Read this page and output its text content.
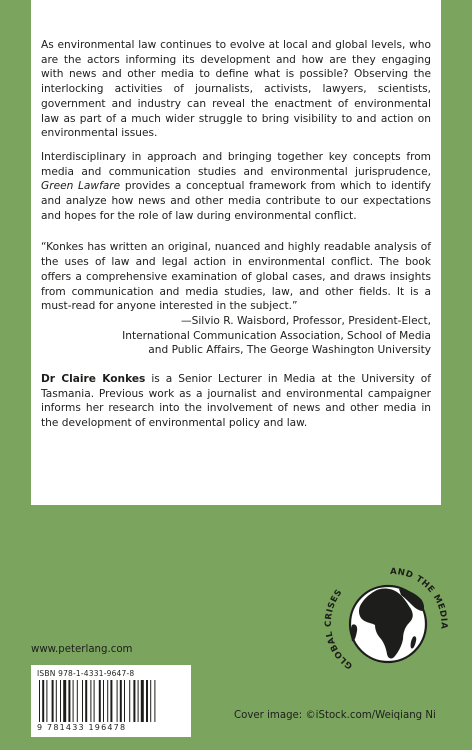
As environmental law continues to evolve at local and global levels, who are the actors informing its development and how are they engaging with news and other media to define what is possible? Observing the interlocking activities of journalists, activists, lawyers, scientists, government and industry can reveal the enactment of environmental law as part of a much wider struggle to bring visibility to and action on environmental issues.

Interdisciplinary in approach and bringing together key concepts from media and communication studies and environmental jurisprudence, Green Lawfare provides a conceptual framework from which to identify and analyze how news and other media contribute to our expectations and hopes for the role of law during environmental conflict.

“Konkes has written an original, nuanced and highly readable analysis of the uses of law and legal action in environmental conflict. The book offers a comprehensive examination of global cases, and draws insights from communication and media studies, law, and other fields. It is a must-read for anyone interested in the subject.”

—Silvio R. Waisbord, Professor, President-Elect,
International Communication Association, School of Media
and Public Affairs, The George Washington University

Dr Claire Konkes is a Senior Lecturer in Media at the University of Tasmania. Previous work as a journalist and environmental campaigner informs her research into the involvement of news and other media in the development of environmental policy and law.

GLOBAL CRISES
AND THE MEDIA
www.peterlang.com
ISBN 978-1-4331-9647-8
9 781433 196478
Cover image: ©iStock.com/Weiqiang Ni
